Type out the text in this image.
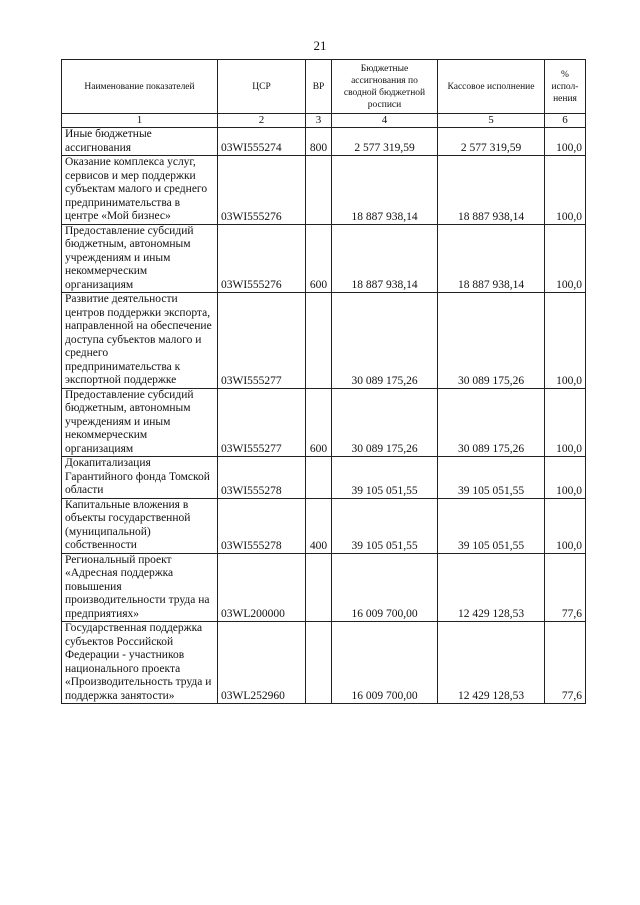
21
Наименование показателей	ЦСР	ВР	Бюджетные ассигнования по сводной бюджетной росписи	Кассовое исполнение	% испол-нения
1	2	3	4	5	6
Иные бюджетные ассигнования	03WI555274	800	2 577 319,59	2 577 319,59	100,0
Оказание комплекса услуг, сервисов и мер поддержки субъектам малого и среднего предпринимательства в центре «Мой бизнес»	03WI555276		18 887 938,14	18 887 938,14	100,0
Предоставление субсидий бюджетным, автономным учреждениям и иным некоммерческим организациям	03WI555276	600	18 887 938,14	18 887 938,14	100,0
Развитие деятельности центров поддержки экспорта, направленной на обеспечение доступа субъектов малого и среднего предпринимательства к экспортной поддержке	03WI555277		30 089 175,26	30 089 175,26	100,0
Предоставление субсидий бюджетным, автономным учреждениям и иным некоммерческим организациям	03WI555277	600	30 089 175,26	30 089 175,26	100,0
Докапитализация Гарантийного фонда Томской области	03WI555278		39 105 051,55	39 105 051,55	100,0
Капитальные вложения в объекты государственной (муниципальной) собственности	03WI555278	400	39 105 051,55	39 105 051,55	100,0
Региональный проект «Адресная поддержка повышения производительности труда на предприятиях»	03WL200000		16 009 700,00	12 429 128,53	77,6
Государственная поддержка субъектов Российской Федерации - участников национального проекта «Производительность труда и поддержка занятости»	03WL252960		16 009 700,00	12 429 128,53	77,6
